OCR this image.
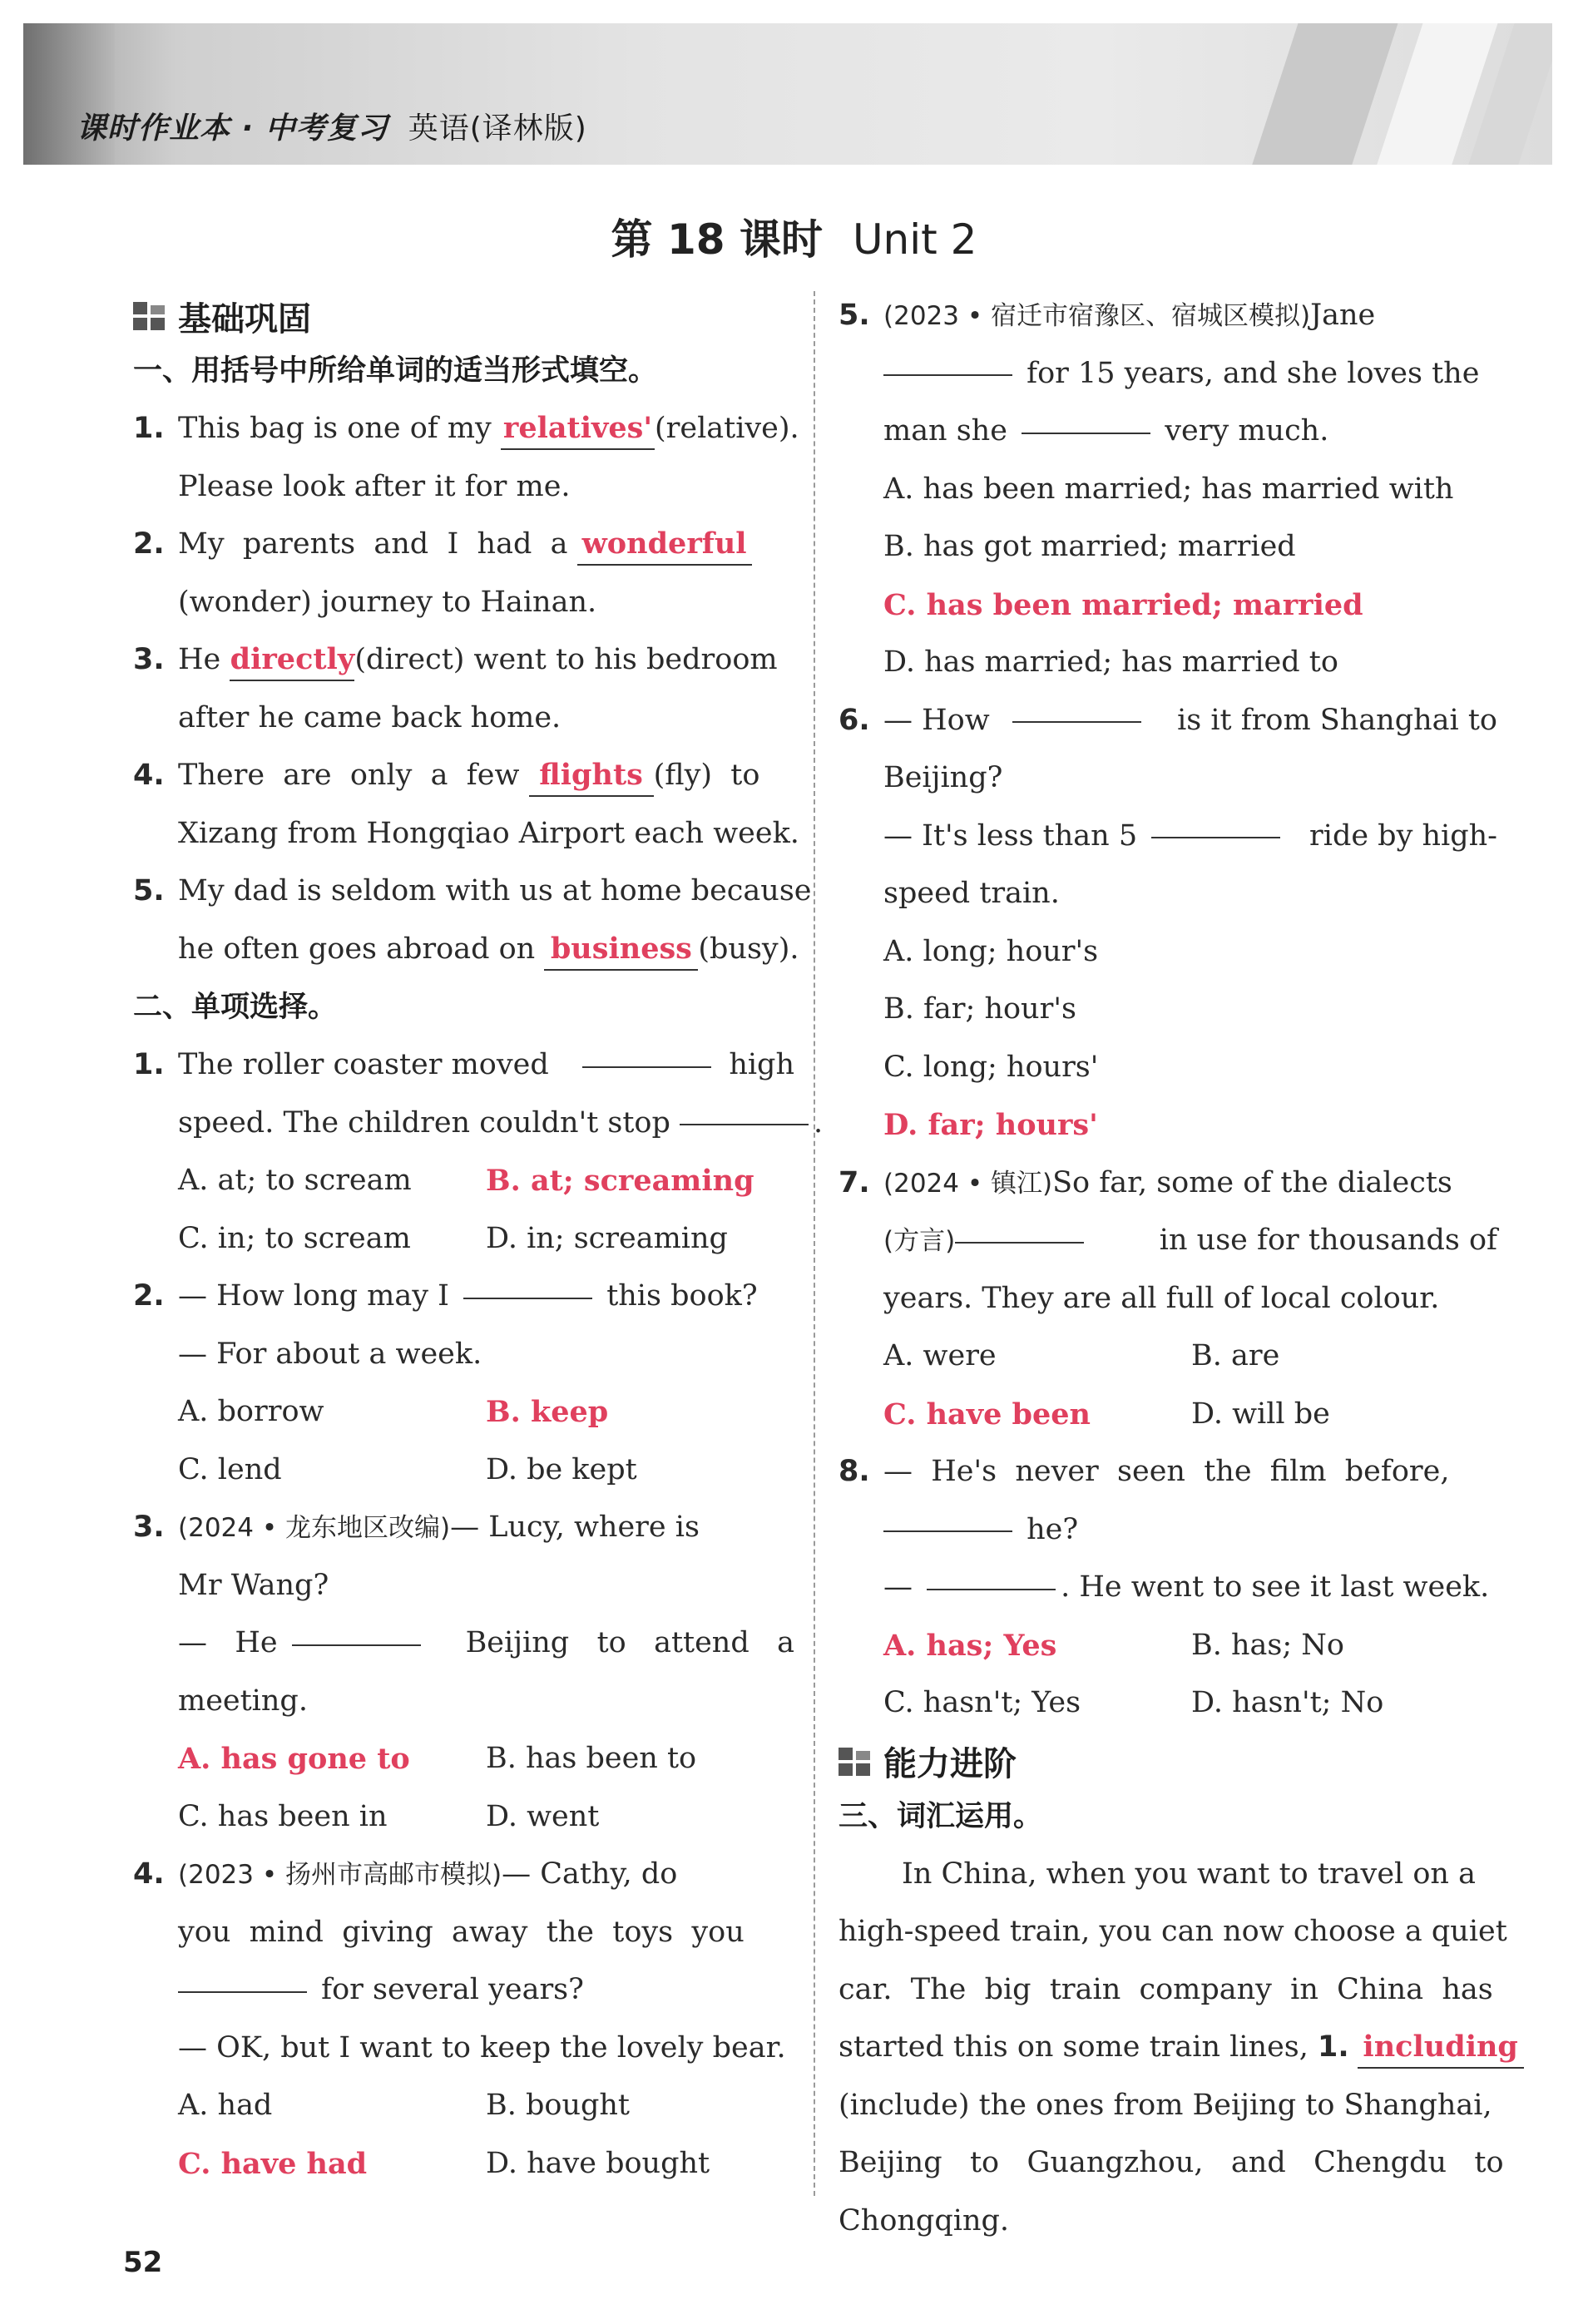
课时作业本 · 中考复习 英语(译林版)
第 18 课时 Unit 2
基础巩固
一、用括号中所给单词的适当形式填空。
1. This bag is one of my relatives'(relative).
Please look after it for me.
2. My  parents  and  I  had  a wonderful
(wonder) journey to Hainan.
3. He directly(direct) went to his bedroom
after he came back home.
4. There  are  only  a  few flights (fly)  to
Xizang from Hongqiao Airport each week.
5. My dad is seldom with us at home because
he often goes abroad on business (busy).
二、单项选择。
1. The roller coaster moved	high
speed. The children couldn't stop	.
A. at; to scream	B. at; screaming
C. in; to scream	D. in; screaming
2. — How long may I	this book?
— For about a week.
A. borrow	B. keep
C. lend	D. be kept
3. (2024 • 龙东地区改编)— Lucy, where is
Mr Wang?
—   He	Beijing   to   attend   a
meeting.
A. has gone to	B. has been to
C. has been in	D. went
4. (2023 • 扬州市高邮市模拟)— Cathy, do
you  mind  giving  away  the  toys  you
for several years?
— OK, but I want to keep the lovely bear.
A. had	B. bought
C. have had	D. have bought
5. (2023 • 宿迁市宿豫区、宿城区模拟)Jane
for 15 years, and she loves the
man she	very much.
A. has been married; has married with
B. has got married; married
C. has been married; married
D. has married; has married to
6. — How	is it from Shanghai to
Beijing?
— It's less than 5	ride by high-
speed train.
A. long; hour's
B. far; hour's
C. long; hours'
D. far; hours'
7. (2024 • 镇江)So far, some of the dialects
(方言)	in use for thousands of
years. They are all full of local colour.
A. were	B. are
C. have been	D. will be
8. —  He's  never  seen  the  film  before,
he?
—	. He went to see it last week.
A. has; Yes	B. has; No
C. hasn't; Yes	D. hasn't; No
能力进阶
三、词汇运用。
In China, when you want to travel on a
high-speed train, you can now choose a quiet
car.  The  big  train  company  in  China  has
started this on some train lines, 1. including
(include) the ones from Beijing to Shanghai,
Beijing   to   Guangzhou,   and   Chengdu   to
Chongqing.
52
